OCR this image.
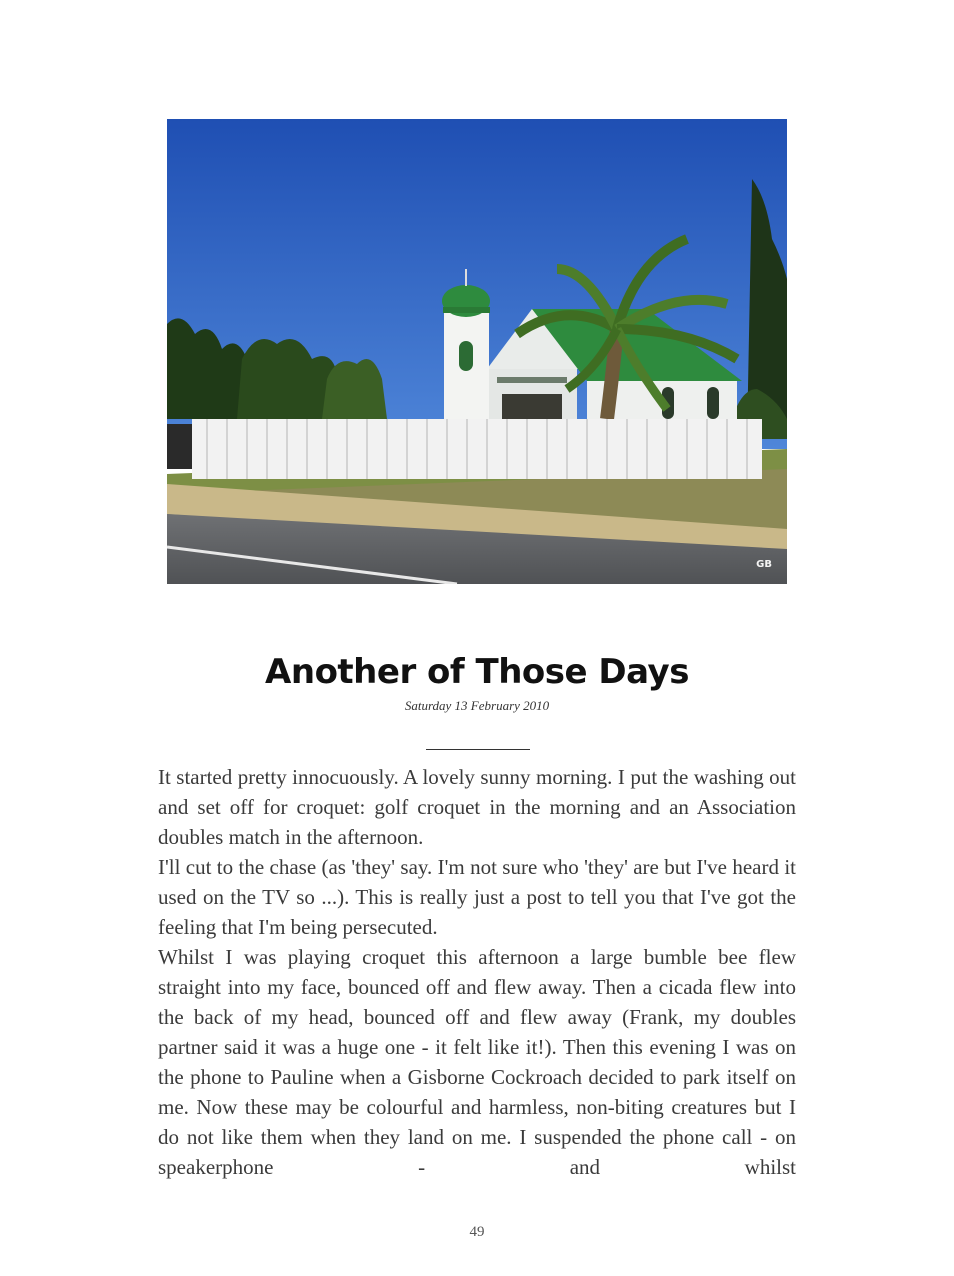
GB
Another of Those Days
Saturday 13 February 2010

It started pretty innocuously. A lovely sunny morning. I put the washing out and set off for croquet: golf croquet in the morning and an Association doubles match in the afternoon.

I'll cut to the chase (as 'they' say. I'm not sure who 'they' are but I've heard it used on the TV so ...). This is really just a post to tell you that I've got the feeling that I'm being persecuted.

Whilst I was playing croquet this afternoon a large bumble bee flew straight into my face, bounced off and flew away. Then a cicada flew into the back of my head, bounced off and flew away (Frank, my doubles partner said it was a huge one - it felt like it!). Then this evening I was on the phone to Pauline when a Gisborne Cockroach decided to park itself on me. Now these may be colourful and harmless, non-biting creatures but I do not like them when they land on me. I suspended the phone call - on speakerphone - and whilst

49
